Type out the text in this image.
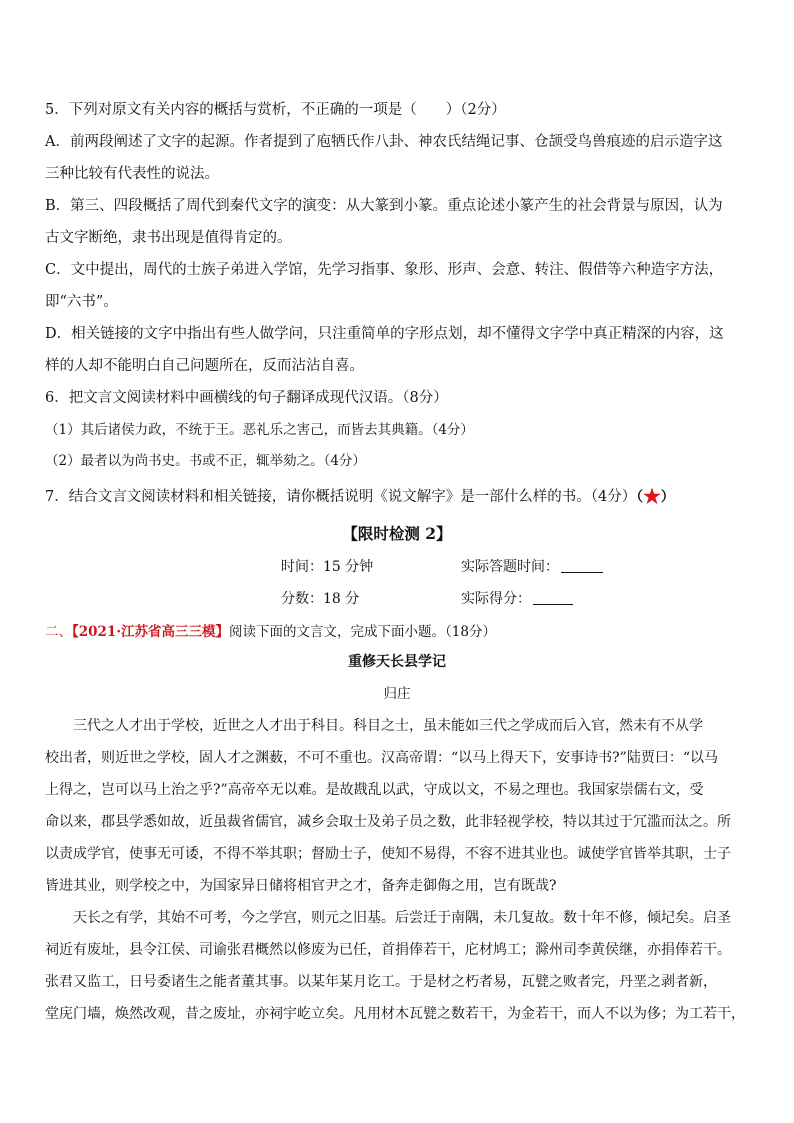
5．下列对原文有关内容的概括与赏析，不正确的一项是（　　）（2分）
A．前两段阐述了文字的起源。作者提到了庖牺氏作八卦、神农氏结绳记事、仓颉受鸟兽痕迹的启示造字这
三种比较有代表性的说法。
B．第三、四段概括了周代到秦代文字的演变：从大篆到小篆。重点论述小篆产生的社会背景与原因，认为
古文字断绝，隶书出现是值得肯定的。
C．文中提出，周代的士族子弟进入学馆，先学习指事、象形、形声、会意、转注、假借等六种造字方法，
即“六书”。
D．相关链接的文字中指出有些人做学问，只注重简单的字形点划，却不懂得文字学中真正精深的内容，这
样的人却不能明白自己问题所在，反而沾沾自喜。
6．把文言文阅读材料中画横线的句子翻译成现代汉语。（8分）
（1）其后诸侯力政，不统于王。恶礼乐之害己，而皆去其典籍。（4分）
（2）最者以为尚书史。书或不正，辄举劾之。（4分）
7．结合文言文阅读材料和相关链接，请你概括说明《说文解字》是一部什么样的书。（4分）（★）
【限时检测 2】
时间：15 分钟	实际答题时间：
分数：18 分	实际得分：
二、【2021·江苏省高三三模】阅读下面的文言文，完成下面小题。（18分）
重修天长县学记
归庄
三代之人才出于学校，近世之人才出于科目。科目之士，虽未能如三代之学成而后入官，然未有不从学
校出者，则近世之学校，固人才之渊薮，不可不重也。汉高帝谓：“以马上得天下，安事诗书?”陆贾曰：“以马
上得之，岂可以马上治之乎?”高帝卒无以难。是故戡乱以武，守成以文，不易之理也。我国家崇儒右文，受
命以来，郡县学悉如故，近虽裁省儒官，减乡会取士及弟子员之数，此非轻视学校，特以其过于冗滥而汰之。所
以责成学官，使事无可诿，不得不举其职；督励士子，使知不易得，不容不进其业也。诚使学官皆举其职，士子
皆进其业，则学校之中，为国家异日储将相官尹之才，备奔走御侮之用，岂有既哉?
天长之有学，其始不可考，今之学宫，则元之旧基。后尝迁于南隅，未几复故。数十年不修，倾圮矣。启圣
祠近有废址，县令江侯、司谕张君概然以修废为已任，首捐俸若干，庀材鸠工；滁州司李黄侯继，亦捐俸若干。
张君又监工，日号委诸生之能者董其事。以某年某月讫工。于是材之朽者易，瓦甓之败者完，丹垩之剥者新，
堂庑门墙，焕然改观，昔之废址，亦祠宇屹立矣。凡用材木瓦甓之数若干，为金若干，而人不以为侈；为工若干，
